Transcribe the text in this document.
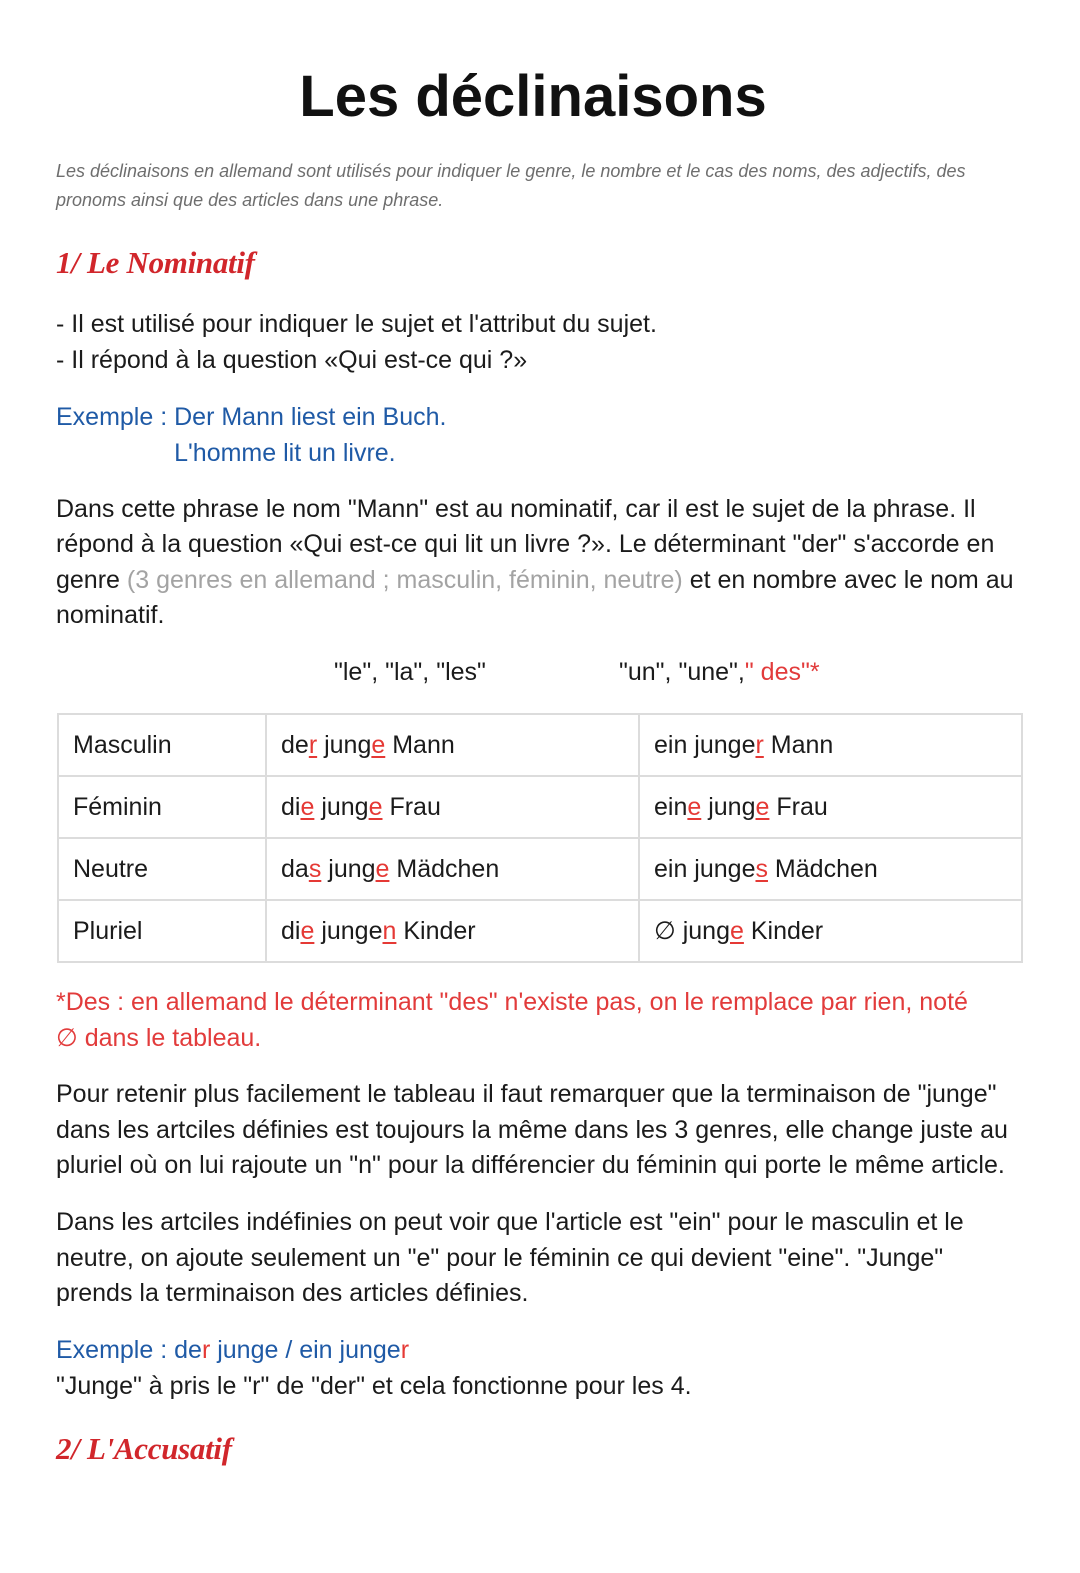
Les déclinaisons

Les déclinaisons en allemand sont utilisés pour indiquer le genre, le nombre et le cas des noms, des adjectifs, des pronoms ainsi que des articles dans une phrase.

1/ Le Nominatif
- Il est utilisé pour indiquer le sujet et l'attribut du sujet.
- Il répond à la question «Qui est-ce qui ?»
Exemple : Der Mann liest ein Buch.
L'homme lit un livre.

Dans cette phrase le nom "Mann" est au nominatif, car il est le sujet de la phrase. Il répond à la question «Qui est-ce qui lit un livre ?». Le déterminant "der" s'accorde en genre (3 genres en allemand ; masculin, féminin, neutre) et en nombre avec le nom au nominatif.

"le", "la", "les"	"un", "une"," des"*
Masculin	der junge Mann	ein junger Mann
Féminin	die junge Frau	eine junge Frau
Neutre	das junge Mädchen	ein junges Mädchen
Pluriel	die jungen Kinder	∅ junge Kinder

*Des : en allemand le déterminant "des" n'existe pas, on le remplace par rien, noté ∅ dans le tableau.

Pour retenir plus facilement le tableau il faut remarquer que la terminaison de "junge" dans les artciles définies est toujours la même dans les 3 genres, elle change juste au pluriel où on lui rajoute un "n" pour la différencier du féminin qui porte le même article.

Dans les artciles indéfinies on peut voir que l'article est "ein" pour le masculin et le neutre, on ajoute seulement un "e" pour le féminin ce qui devient "eine". "Junge" prends la terminaison des articles définies.

Exemple : der junge / ein junger
"Junge" à pris le "r" de "der" et cela fonctionne pour les 4.
2/ L'Accusatif
